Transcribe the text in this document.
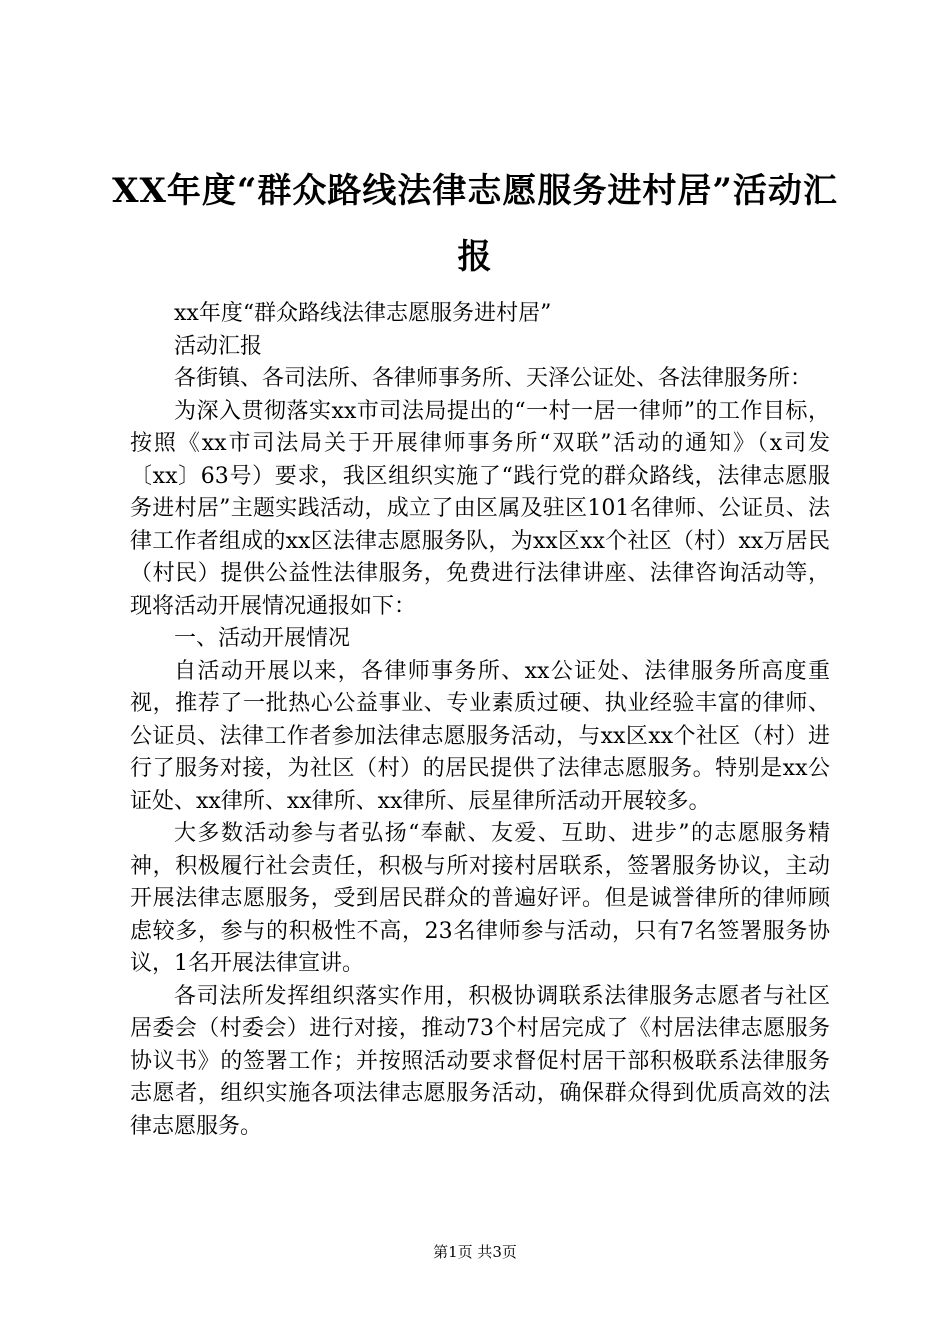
XX年度“群众路线法律志愿服务进村居”活动汇报

xx年度“群众路线法律志愿服务进村居”

活动汇报

各街镇、各司法所、各律师事务所、天泽公证处、各法律服务所：

为深入贯彻落实xx市司法局提出的“一村一居一律师”的工作目标，按照《xx市司法局关于开展律师事务所“双联”活动的通知》（x司发〔xx〕63号）要求，我区组织实施了“践行党的群众路线，法律志愿服务进村居”主题实践活动，成立了由区属及驻区101名律师、公证员、法律工作者组成的xx区法律志愿服务队，为xx区xx个社区（村）xx万居民（村民）提供公益性法律服务，免费进行法律讲座、法律咨询活动等，现将活动开展情况通报如下：

一、活动开展情况

自活动开展以来，各律师事务所、xx公证处、法律服务所高度重视，推荐了一批热心公益事业、专业素质过硬、执业经验丰富的律师、公证员、法律工作者参加法律志愿服务活动，与xx区xx个社区（村）进行了服务对接，为社区（村）的居民提供了法律志愿服务。特别是xx公证处、xx律所、xx律所、xx律所、辰星律所活动开展较多。

大多数活动参与者弘扬“奉献、友爱、互助、进步”的志愿服务精神，积极履行社会责任，积极与所对接村居联系，签署服务协议，主动开展法律志愿服务，受到居民群众的普遍好评。但是诚誉律所的律师顾虑较多，参与的积极性不高，23名律师参与活动，只有7名签署服务协议，1名开展法律宣讲。

各司法所发挥组织落实作用，积极协调联系法律服务志愿者与社区居委会（村委会）进行对接，推动73个村居完成了《村居法律志愿服务协议书》的签署工作；并按照活动要求督促村居干部积极联系法律服务志愿者，组织实施各项法律志愿服务活动，确保群众得到优质高效的法律志愿服务。

第1页 共3页
